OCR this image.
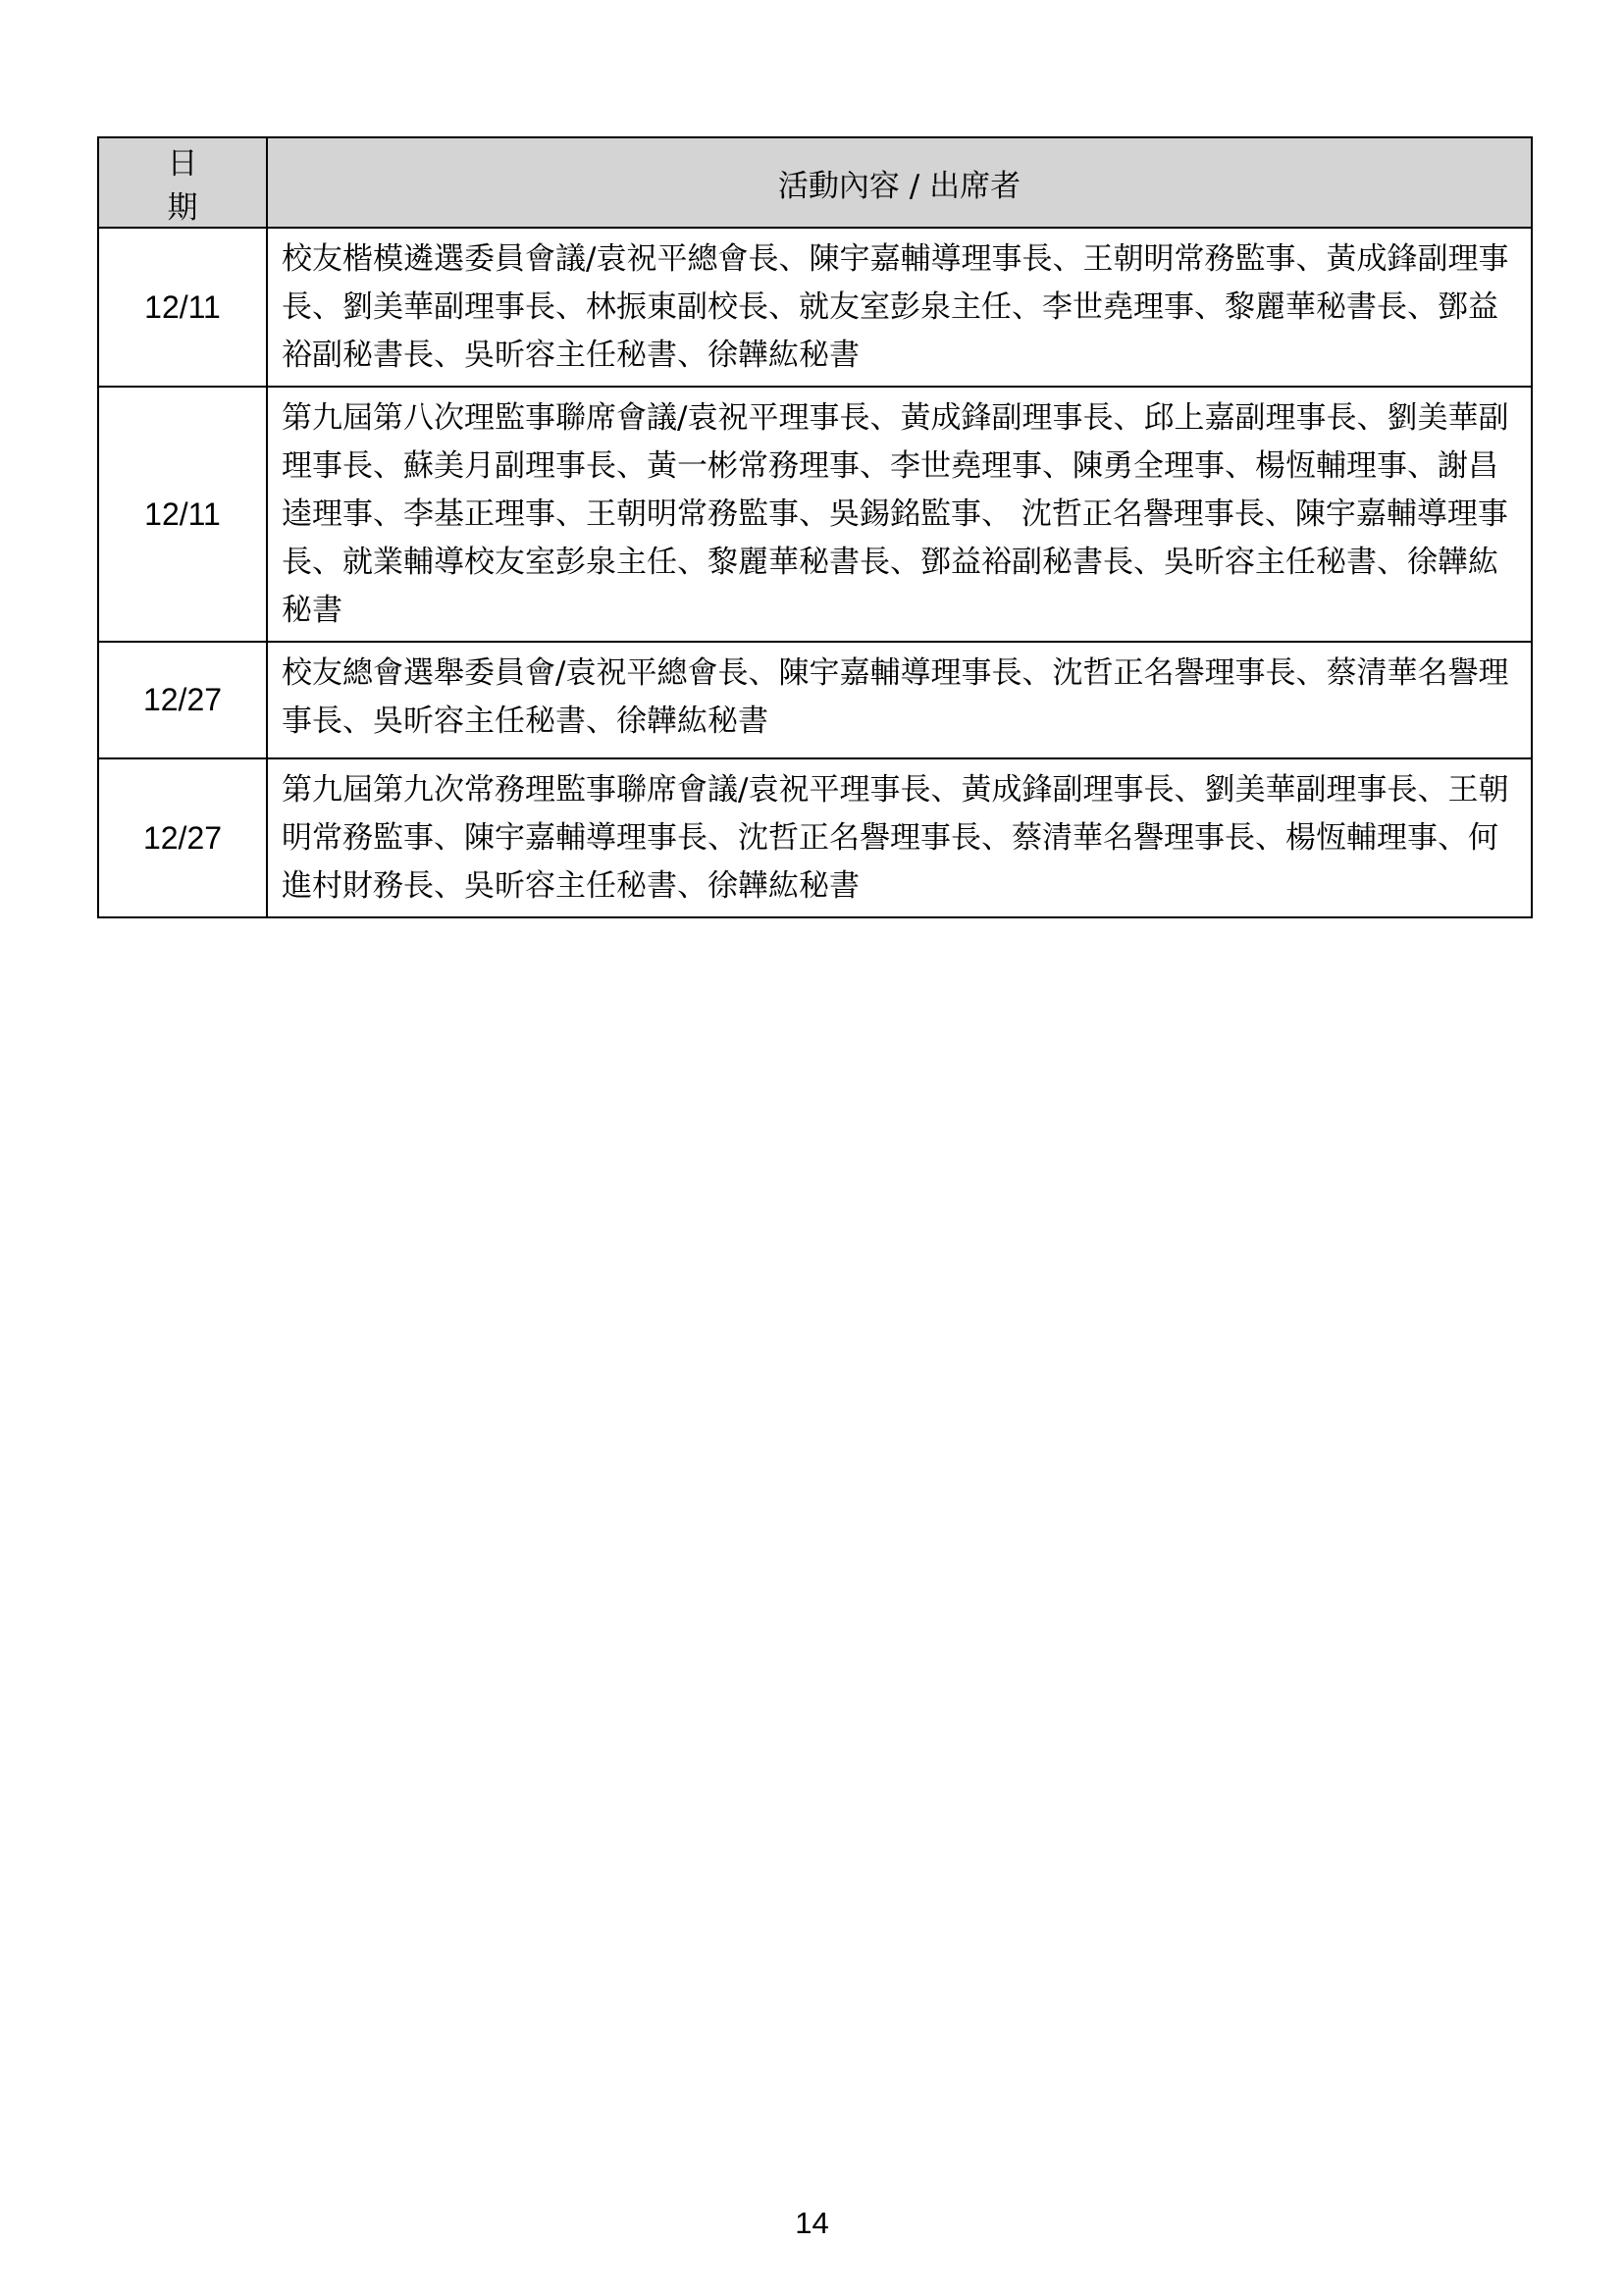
日期	活動內容 / 出席者
12/11	校友楷模遴選委員會議/袁祝平總會長、陳宇嘉輔導理事長、王朝明常務監事、黃成鋒副理事長、劉美華副理事長、林振東副校長、就友室彭泉主任、李世堯理事、黎麗華秘書長、鄧益裕副秘書長、吳昕容主任秘書、徐韡紘秘書
12/11	第九屆第八次理監事聯席會議/袁祝平理事長、黃成鋒副理事長、邱上嘉副理事長、劉美華副理事長、蘇美月副理事長、黃一彬常務理事、李世堯理事、陳勇全理事、楊恆輔理事、謝昌逵理事、李基正理事、王朝明常務監事、吳錫銘監事、 沈哲正名譽理事長、陳宇嘉輔導理事長、就業輔導校友室彭泉主任、黎麗華秘書長、鄧益裕副秘書長、吳昕容主任秘書、徐韡紘秘書
12/27	校友總會選舉委員會/袁祝平總會長、陳宇嘉輔導理事長、沈哲正名譽理事長、蔡清華名譽理事長、吳昕容主任秘書、徐韡紘秘書
12/27	第九屆第九次常務理監事聯席會議/袁祝平理事長、黃成鋒副理事長、劉美華副理事長、王朝明常務監事、陳宇嘉輔導理事長、沈哲正名譽理事長、蔡清華名譽理事長、楊恆輔理事、何進村財務長、吳昕容主任秘書、徐韡紘秘書
14
